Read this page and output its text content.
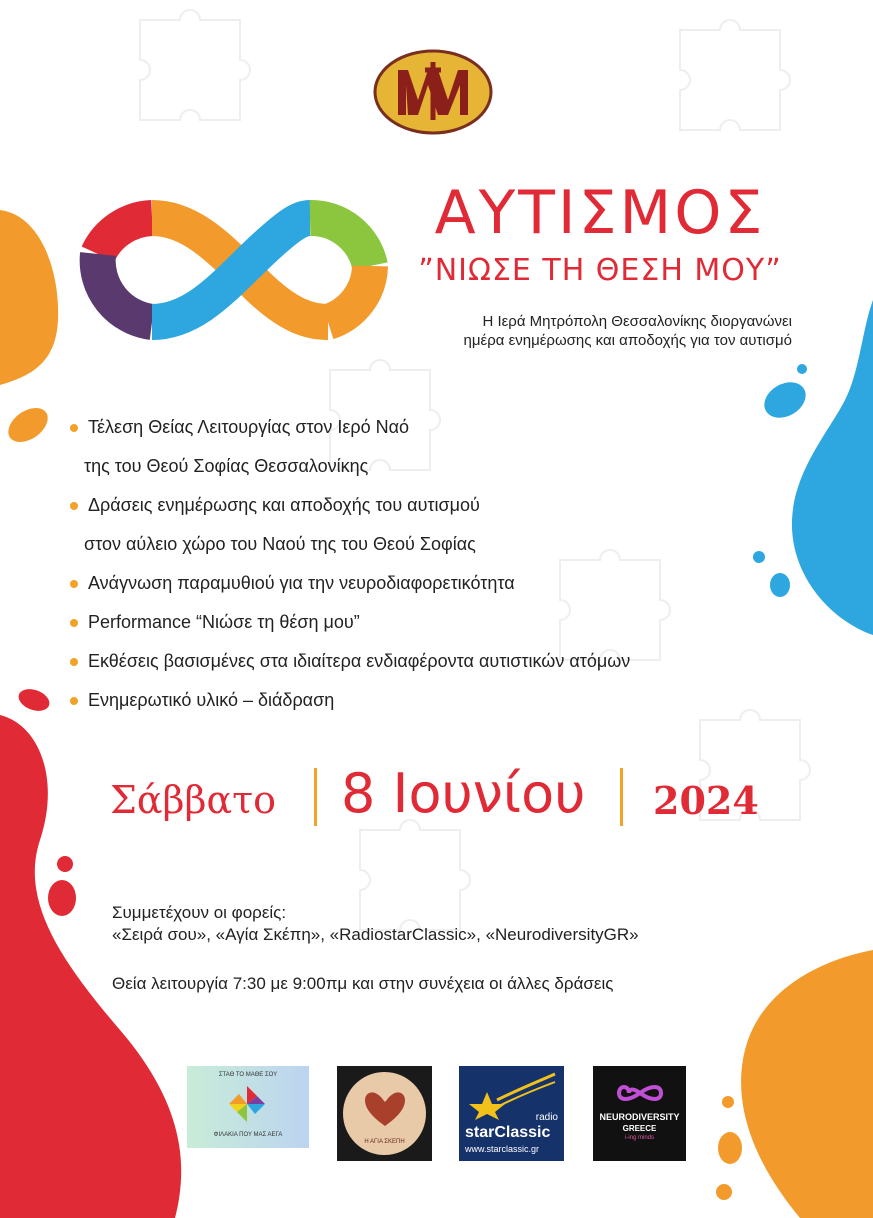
ΑΥΤΙΣΜΟΣ
”ΝΙΩΣΕ ΤΗ ΘΕΣΗ ΜΟΥ”
Η Ιερά Μητρόπολη Θεσσαλονίκης διοργανώνει
ημέρα ενημέρωσης και αποδοχής για τον αυτισμό
Τέλεση Θείας Λειτουργίας στον Ιερό Ναό
της του Θεού Σοφίας Θεσσαλονίκης
Δράσεις ενημέρωσης και αποδοχής του αυτισμού
στον αύλειο χώρο του Ναού της του Θεού Σοφίας
Ανάγνωση παραμυθιού για την νευροδιαφορετικότητα
Performance “Νιώσε τη θέση μου”
Εκθέσεις βασισμένες στα ιδιαίτερα ενδιαφέροντα αυτιστικών ατόμων
Ενημερωτικό υλικό – διάδραση
Σάββατο 8 Ιουνίου 2024
Συμμετέχουν οι φορείς:
«Σειρά σου», «Αγία Σκέπη», «RadiostarClassic», «NeurodiversityGR»
Θεία λειτουργία 7:30 με 9:00πμ και στην συνέχεια οι άλλες δράσεις
ΣΤΑΘ ΤΟ ΜΑΘΕ ΣΟΥ
ΦΙΛΑΚΙΑ ΠΟΥ ΜΑΣ ΑΕΓΑ
Η ΑΓΙΑ ΣΚΕΠΗ
radio
starClassic
www.starclassic.gr
NEURODIVERSITY
GREECE
i-ing minds
